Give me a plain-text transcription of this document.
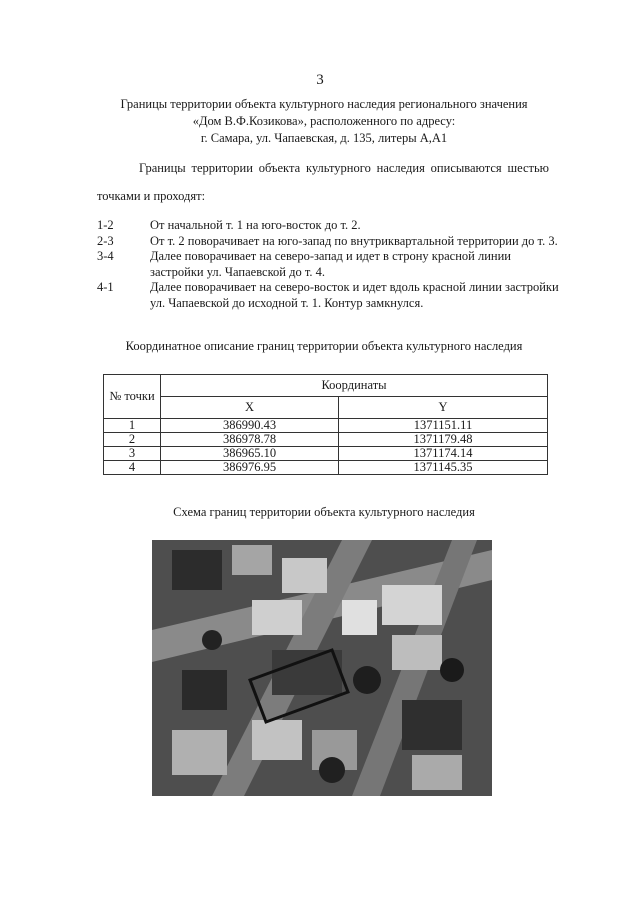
3
Границы территории объекта культурного наследия регионального значения
«Дом В.Ф.Козикова», расположенного по адресу:
г. Самара, ул. Чапаевская, д. 135, литеры А,А1
Границы территории объекта культурного наследия описываются шестью точками и проходят:
1-2	От начальной т. 1 на юго-восток до т. 2.
2-3	От т. 2 поворачивает на юго-запад по внутриквартальной территории до т. 3.
3-4	Далее поворачивает на северо-запад и идет в строну красной линии застройки ул. Чапаевской до т. 4.
4-1	Далее поворачивает на северо-восток и идет вдоль красной линии застройки ул. Чапаевской до исходной т. 1. Контур замкнулся.
Координатное описание границ территории объекта культурного наследия
№ точки	Координаты	
	X	Y
1	386990.43	1371151.11
2	386978.78	1371179.48
3	386965.10	1371174.14
4	386976.95	1371145.35
Схема границ территории объекта культурного наследия
